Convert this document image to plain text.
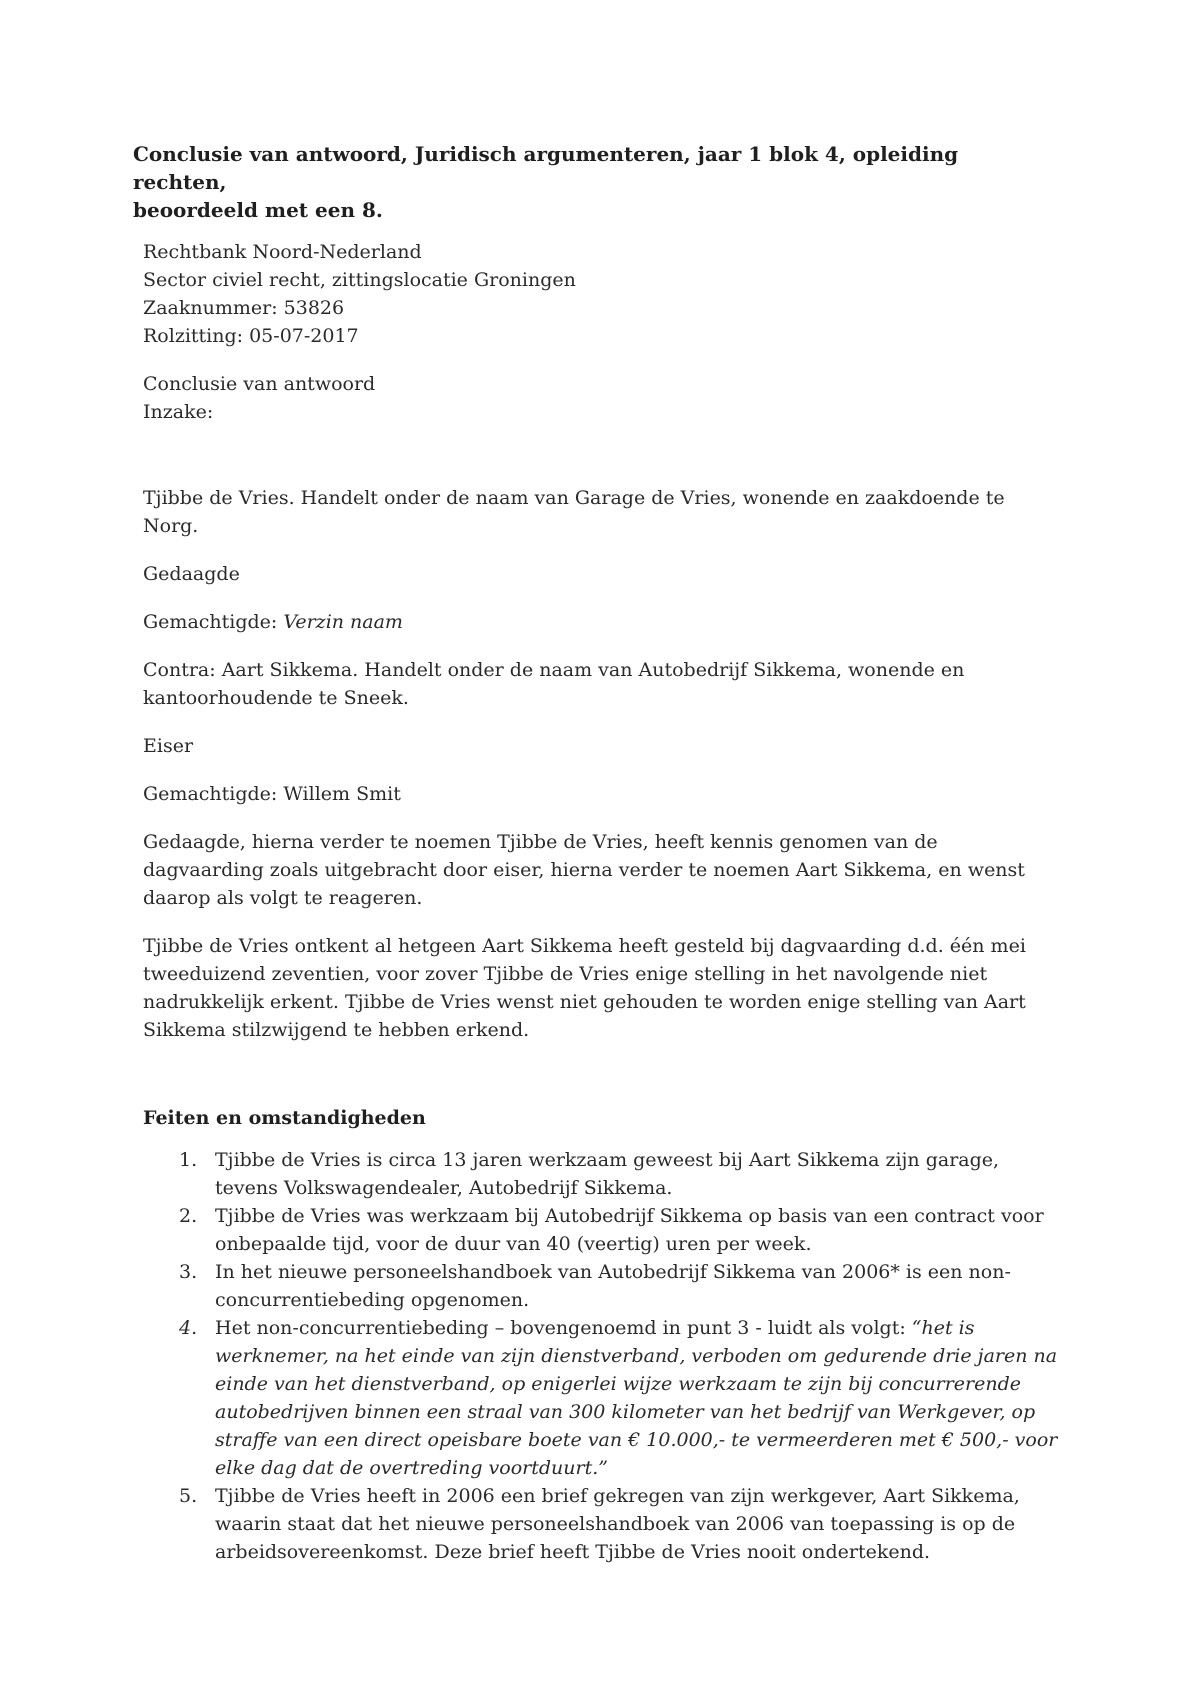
Conclusie van antwoord, Juridisch argumenteren, jaar 1 blok 4, opleiding rechten,
beoordeeld met een 8.

Rechtbank Noord-Nederland
Sector civiel recht, zittingslocatie Groningen
Zaaknummer: 53826
Rolzitting: 05-07-2017

Conclusie van antwoord
Inzake:

Tjibbe de Vries. Handelt onder de naam van Garage de Vries, wonende en zaakdoende te
Norg.

Gedaagde

Gemachtigde: Verzin naam

Contra: Aart Sikkema. Handelt onder de naam van Autobedrijf Sikkema, wonende en
kantoorhoudende te Sneek.

Eiser

Gemachtigde: Willem Smit

Gedaagde, hierna verder te noemen Tjibbe de Vries, heeft kennis genomen van de
dagvaarding zoals uitgebracht door eiser, hierna verder te noemen Aart Sikkema, en wenst
daarop als volgt te reageren.

Tjibbe de Vries ontkent al hetgeen Aart Sikkema heeft gesteld bij dagvaarding d.d. één mei
tweeduizend zeventien, voor zover Tjibbe de Vries enige stelling in het navolgende niet
nadrukkelijk erkent. Tjibbe de Vries wenst niet gehouden te worden enige stelling van Aart
Sikkema stilzwijgend te hebben erkend.

Feiten en omstandigheden

1. Tjibbe de Vries is circa 13 jaren werkzaam geweest bij Aart Sikkema zijn garage,
tevens Volkswagendealer, Autobedrijf Sikkema.
2. Tjibbe de Vries was werkzaam bij Autobedrijf Sikkema op basis van een contract voor
onbepaalde tijd, voor de duur van 40 (veertig) uren per week.
3. In het nieuwe personeelshandboek van Autobedrijf Sikkema van 2006* is een non-
concurrentiebeding opgenomen.
4. Het non-concurrentiebeding – bovengenoemd in punt 3 - luidt als volgt: “het is
werknemer, na het einde van zijn dienstverband, verboden om gedurende drie jaren na
einde van het dienstverband, op enigerlei wijze werkzaam te zijn bij concurrerende
autobedrijven binnen een straal van 300 kilometer van het bedrijf van Werkgever, op
straffe van een direct opeisbare boete van € 10.000,- te vermeerderen met € 500,- voor
elke dag dat de overtreding voortduurt.”
5. Tjibbe de Vries heeft in 2006 een brief gekregen van zijn werkgever, Aart Sikkema,
waarin staat dat het nieuwe personeelshandboek van 2006 van toepassing is op de
arbeidsovereenkomst. Deze brief heeft Tjibbe de Vries nooit ondertekend.
